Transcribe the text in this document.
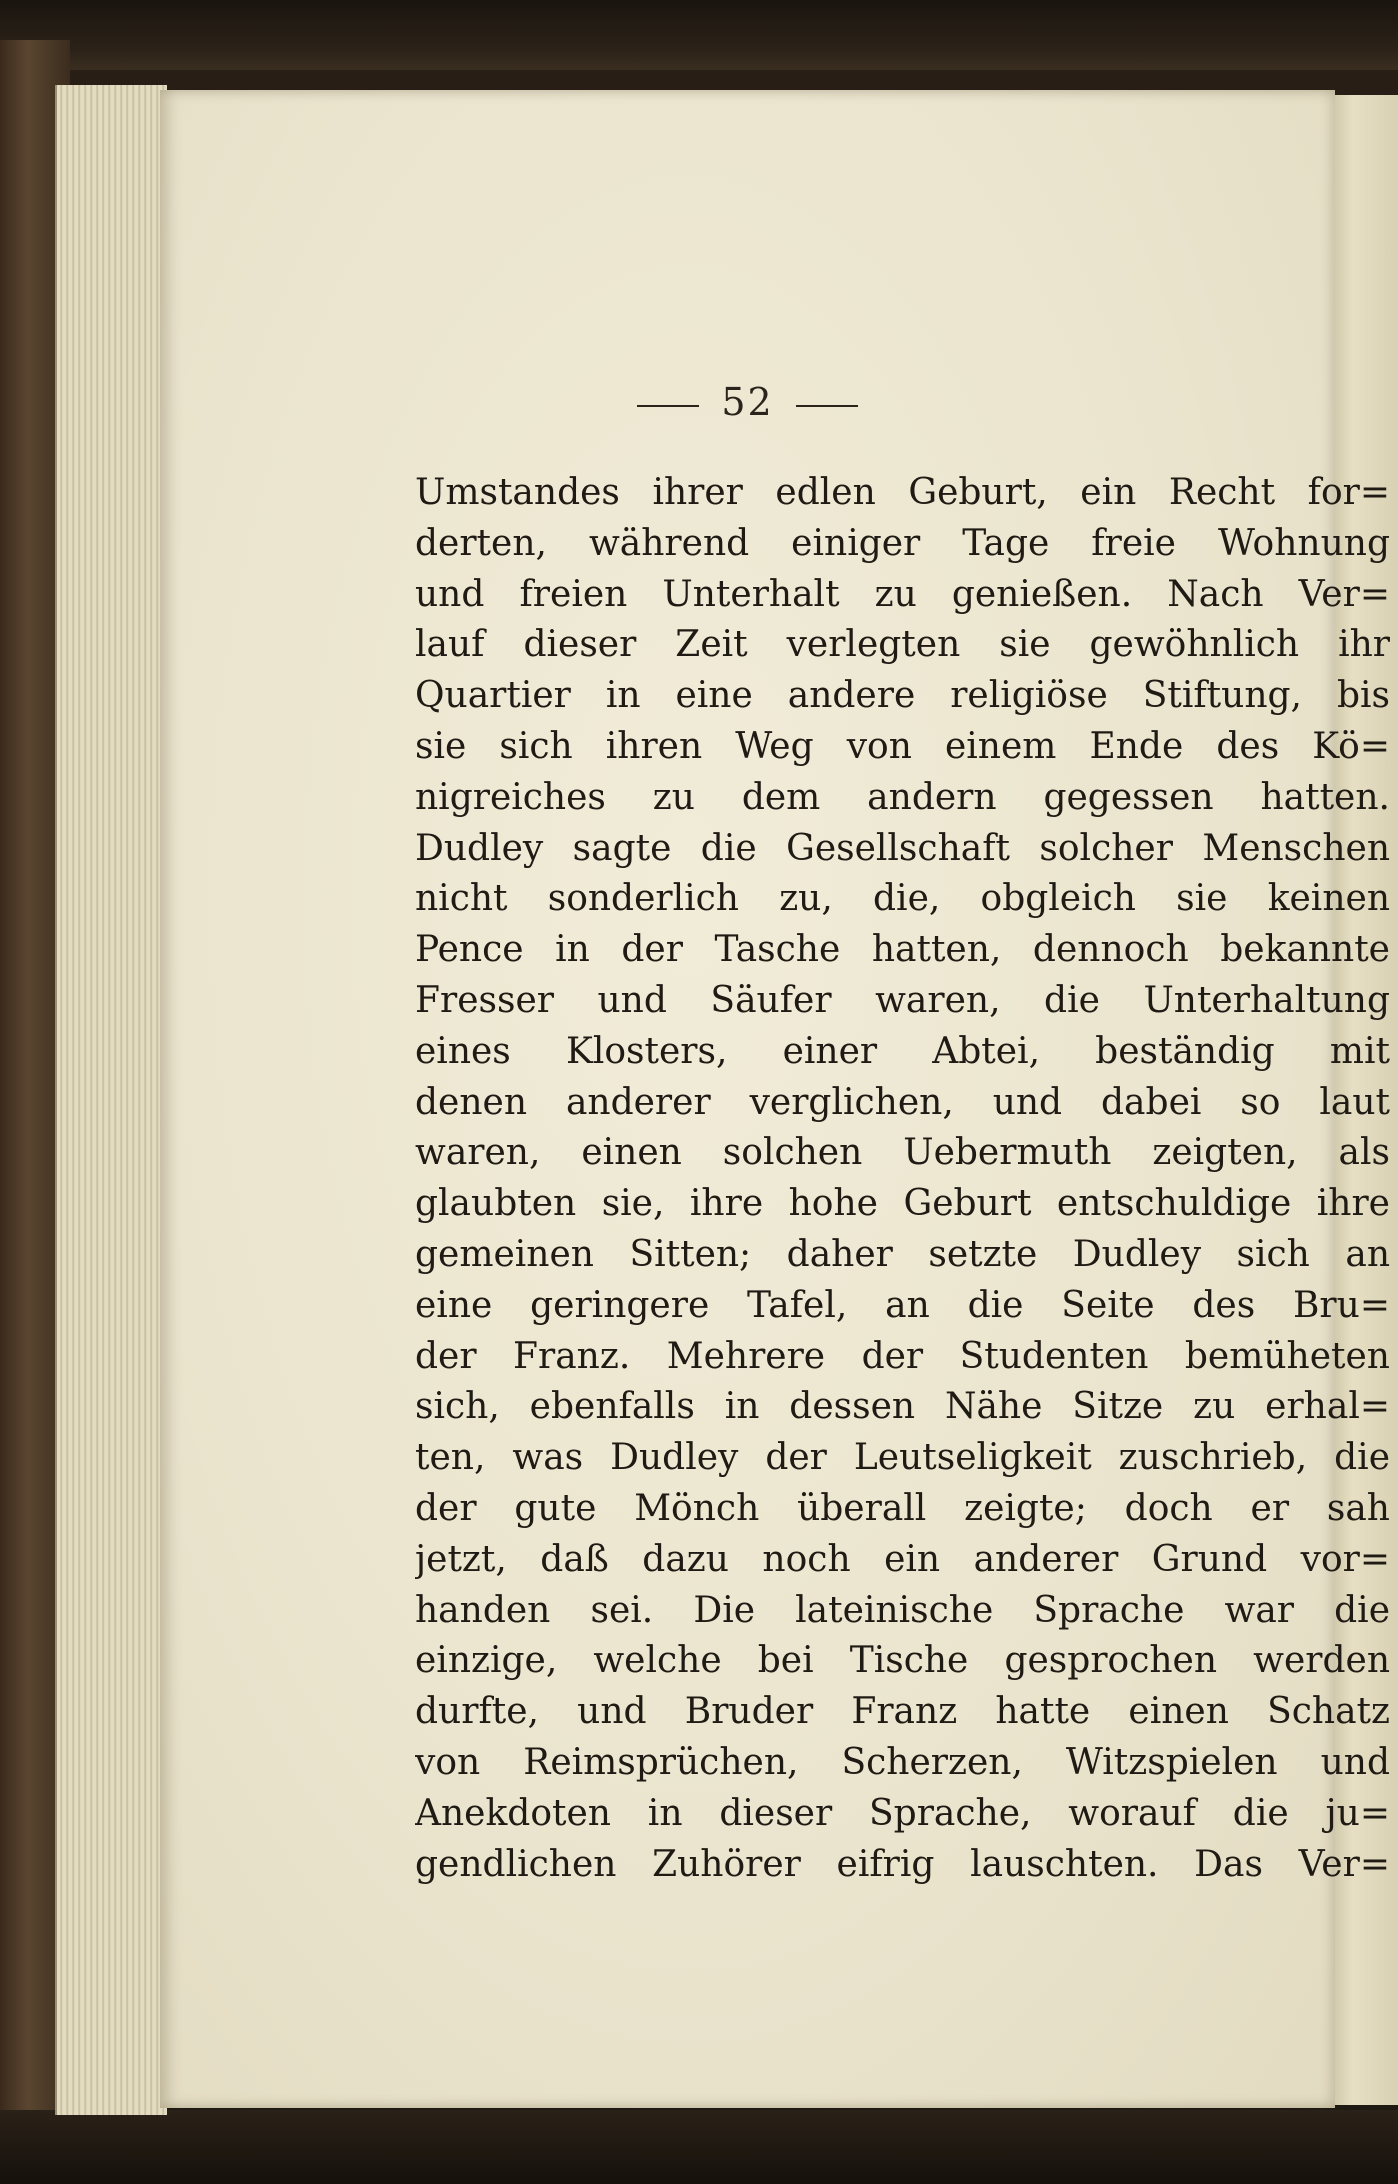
52
Umstandes ihrer edlen Geburt, ein Recht for=
derten, während einiger Tage freie Wohnung
und freien Unterhalt zu genießen. Nach Ver=
lauf dieser Zeit verlegten sie gewöhnlich ihr
Quartier in eine andere religiöse Stiftung, bis
sie sich ihren Weg von einem Ende des Kö=
nigreiches zu dem andern gegessen hatten.
Dudley sagte die Gesellschaft solcher Menschen
nicht sonderlich zu, die, obgleich sie keinen
Pence in der Tasche hatten, dennoch bekannte
Fresser und Säufer waren, die Unterhaltung
eines Klosters, einer Abtei, beständig mit
denen anderer verglichen, und dabei so laut
waren, einen solchen Uebermuth zeigten, als
glaubten sie, ihre hohe Geburt entschuldige ihre
gemeinen Sitten; daher setzte Dudley sich an
eine geringere Tafel, an die Seite des Bru=
der Franz. Mehrere der Studenten bemüheten
sich, ebenfalls in dessen Nähe Sitze zu erhal=
ten, was Dudley der Leutseligkeit zuschrieb, die
der gute Mönch überall zeigte; doch er sah
jetzt, daß dazu noch ein anderer Grund vor=
handen sei. Die lateinische Sprache war die
einzige, welche bei Tische gesprochen werden
durfte, und Bruder Franz hatte einen Schatz
von Reimsprüchen, Scherzen, Witzspielen und
Anekdoten in dieser Sprache, worauf die ju=
gendlichen Zuhörer eifrig lauschten. Das Ver=
